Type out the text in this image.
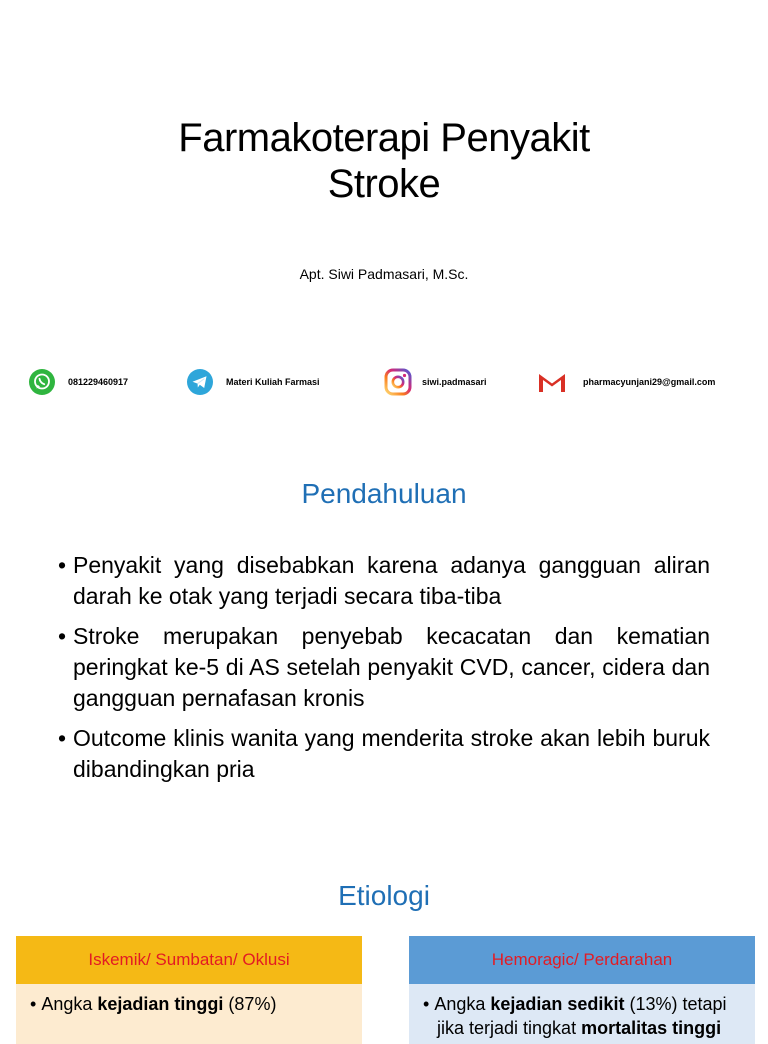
Farmakoterapi Penyakit
Stroke
Apt. Siwi Padmasari, M.Sc.
081229460917	Materi Kuliah Farmasi	siwi.padmasari	pharmacyunjani29@gmail.com
Pendahuluan
• Penyakit yang disebabkan karena adanya gangguan aliran darah ke otak yang terjadi secara tiba-tiba
• Stroke merupakan penyebab kecacatan dan kematian peringkat ke-5 di AS setelah penyakit CVD, cancer, cidera dan gangguan pernafasan kronis
• Outcome klinis wanita yang menderita stroke akan lebih buruk dibandingkan pria
Etiologi
Iskemik/ Sumbatan/ Oklusi
• Angka kejadian tinggi (87%)
Hemoragic/ Perdarahan
• Angka kejadian sedikit (13%) tetapi
jika terjadi tingkat mortalitas tinggi
